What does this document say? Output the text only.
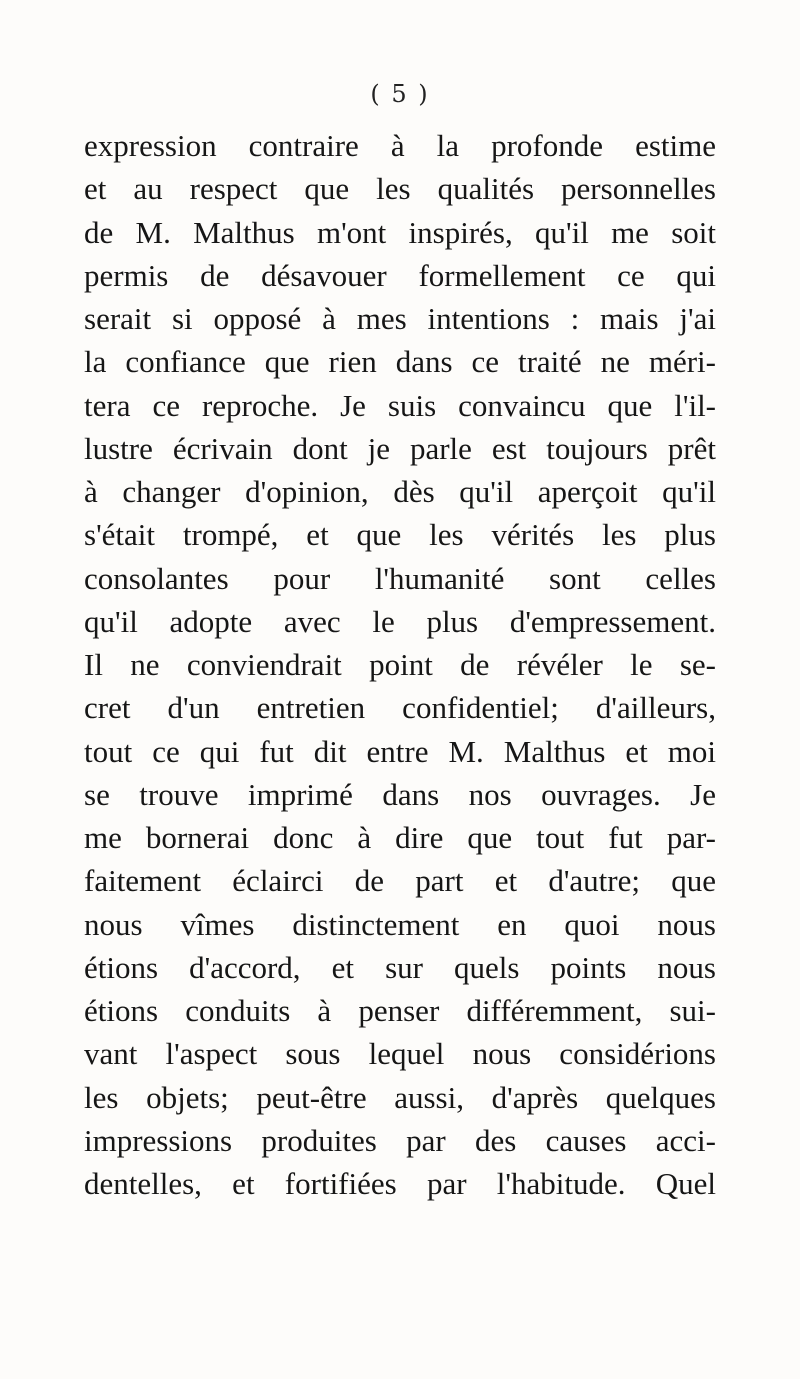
( 5 )
expression contraire à la profonde estime
et au respect que les qualités personnelles
de M. Malthus m'ont inspirés, qu'il me soit
permis de désavouer formellement ce qui
serait si opposé à mes intentions : mais j'ai
la confiance que rien dans ce traité ne méri-
tera ce reproche. Je suis convaincu que l'il-
lustre écrivain dont je parle est toujours prêt
à changer d'opinion, dès qu'il aperçoit qu'il
s'était trompé, et que les vérités les plus
consolantes pour l'humanité sont celles
qu'il adopte avec le plus d'empressement.
Il ne conviendrait point de révéler le se-
cret d'un entretien confidentiel; d'ailleurs,
tout ce qui fut dit entre M. Malthus et moi
se trouve imprimé dans nos ouvrages. Je
me bornerai donc à dire que tout fut par-
faitement éclairci de part et d'autre; que
nous vîmes distinctement en quoi nous
étions d'accord, et sur quels points nous
étions conduits à penser différemment, sui-
vant l'aspect sous lequel nous considérions
les objets; peut-être aussi, d'après quelques
impressions produites par des causes acci-
dentelles, et fortifiées par l'habitude. Quel
